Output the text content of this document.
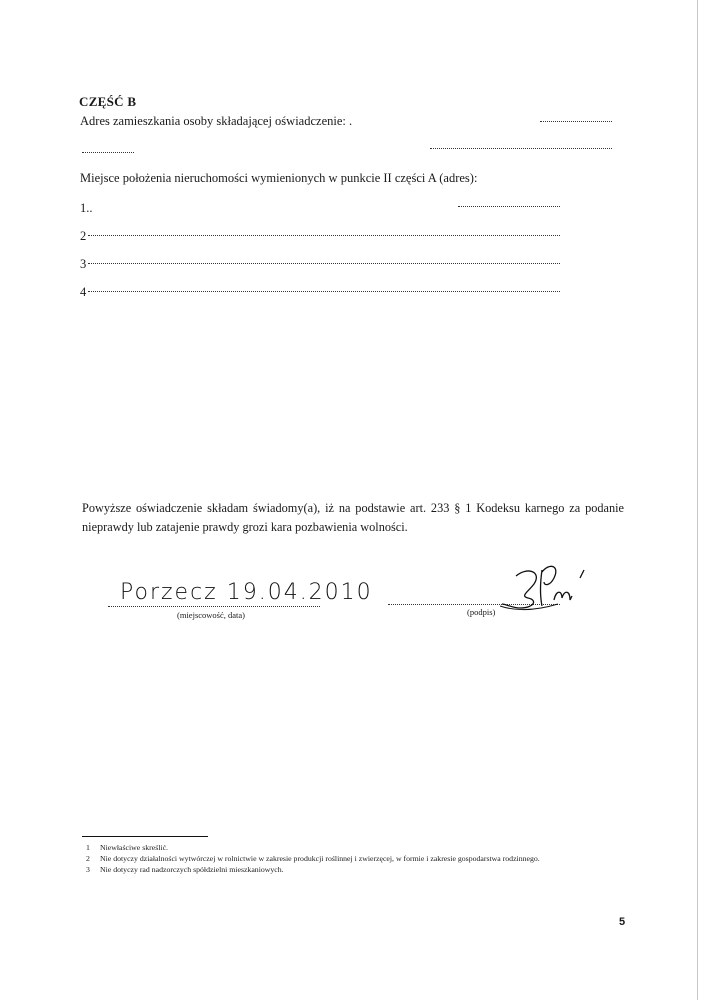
CZĘŚĆ B
Adres zamieszkania osoby składającej oświadczenie: .
Miejsce położenia nieruchomości wymienionych w punkcie II części A (adres):
1..
2
3
4
Powyższe oświadczenie składam świadomy(a), iż na podstawie art. 233 § 1 Kodeksu karnego za podanie nieprawdy lub zatajenie prawdy grozi kara pozbawienia wolności.
Porzecz 19.04.2010
(miejscowość, data)	(podpis)
1 Niewłaściwe skreślić.
2 Nie dotyczy działalności wytwórczej w rolnictwie w zakresie produkcji roślinnej i zwierzęcej, w formie i zakresie gospodarstwa rodzinnego.
3 Nie dotyczy rad nadzorczych spółdzielni mieszkaniowych.
5
